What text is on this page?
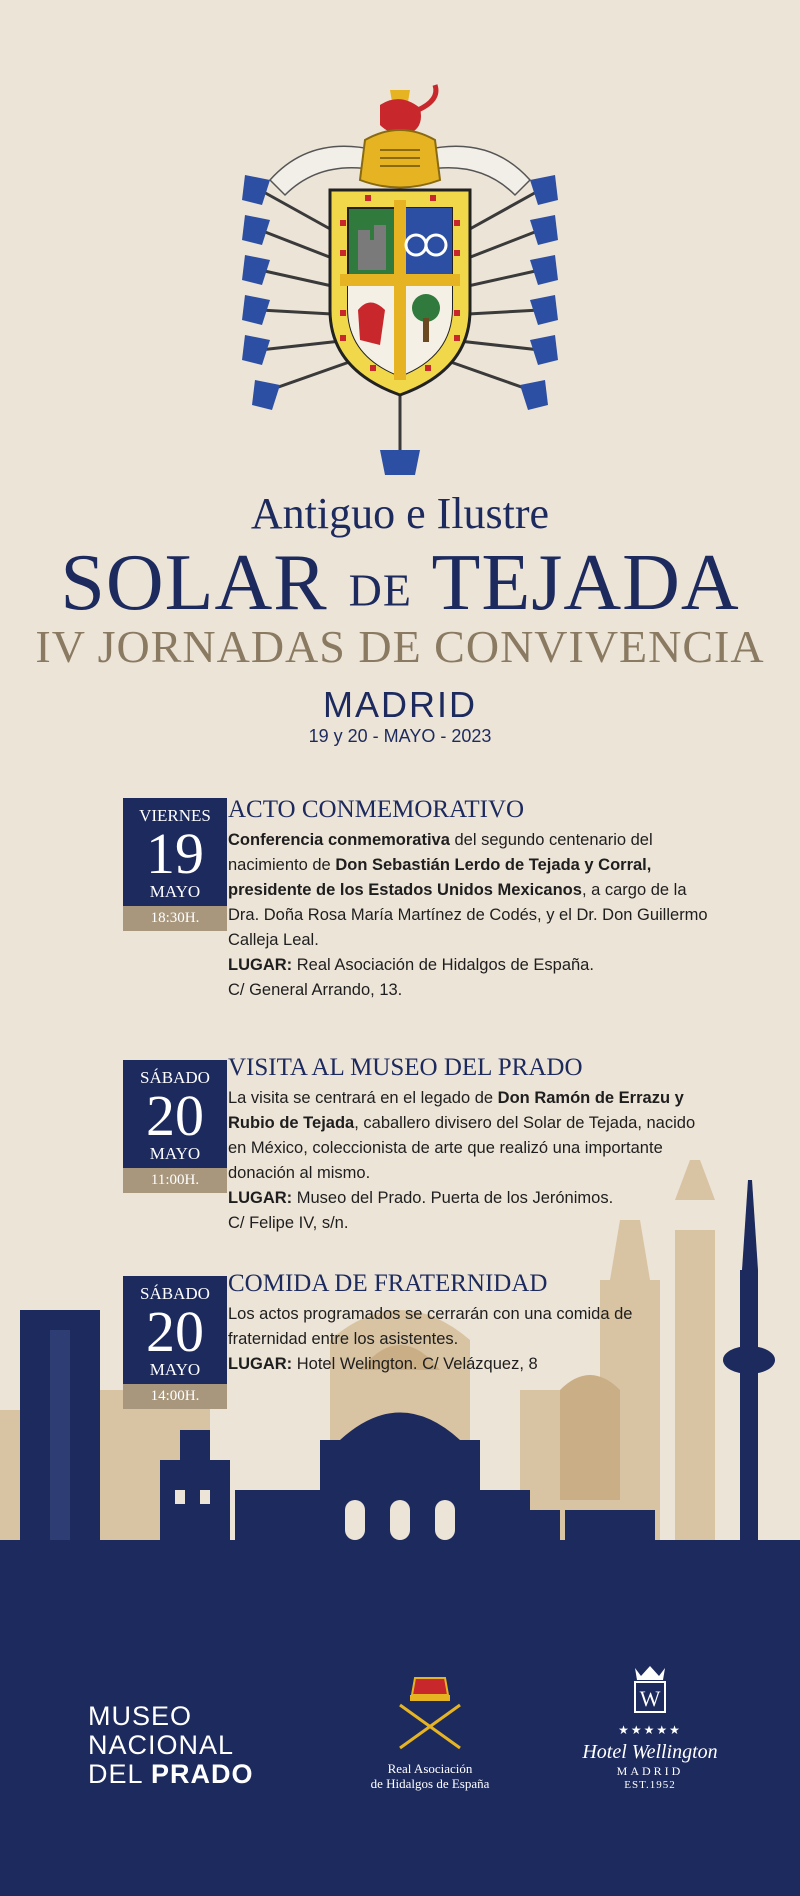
Antiguo e Ilustre
SOLAR DE TEJADA
IV JORNADAS DE CONVIVENCIA
MADRID
19 y 20 - MAYO - 2023
VIERNES
19
MAYO
18:30H.
ACTO CONMEMORATIVO

Conferencia conmemorativa del segundo centenario del nacimiento de Don Sebastián Lerdo de Tejada y Corral, presidente de los Estados Unidos Mexicanos, a cargo de la Dra. Doña Rosa María Martínez de Codés, y el Dr. Don Guillermo Calleja Leal.

LUGAR: Real Asociación de Hidalgos de España.

C/ General Arrando, 13.

SÁBADO
20
MAYO
11:00H.
VISITA AL MUSEO DEL PRADO

La visita se centrará en el legado de Don Ramón de Errazu y Rubio de Tejada, caballero divisero del Solar de Tejada, nacido en México, coleccionista de arte que realizó una importante donación al mismo.

LUGAR: Museo del Prado. Puerta de los Jerónimos.

C/ Felipe IV, s/n.

SÁBADO
20
MAYO
14:00H.
COMIDA DE FRATERNIDAD

Los actos programados se cerrarán con una comida de fraternidad entre los asistentes.

LUGAR: Hotel Welington. C/ Velázquez, 8

MUSEO
NACIONAL
DEL PRADO	Real Asociación
de Hidalgos de España
W
★★★★★
Hotel Wellington
MADRID
EST.1952
